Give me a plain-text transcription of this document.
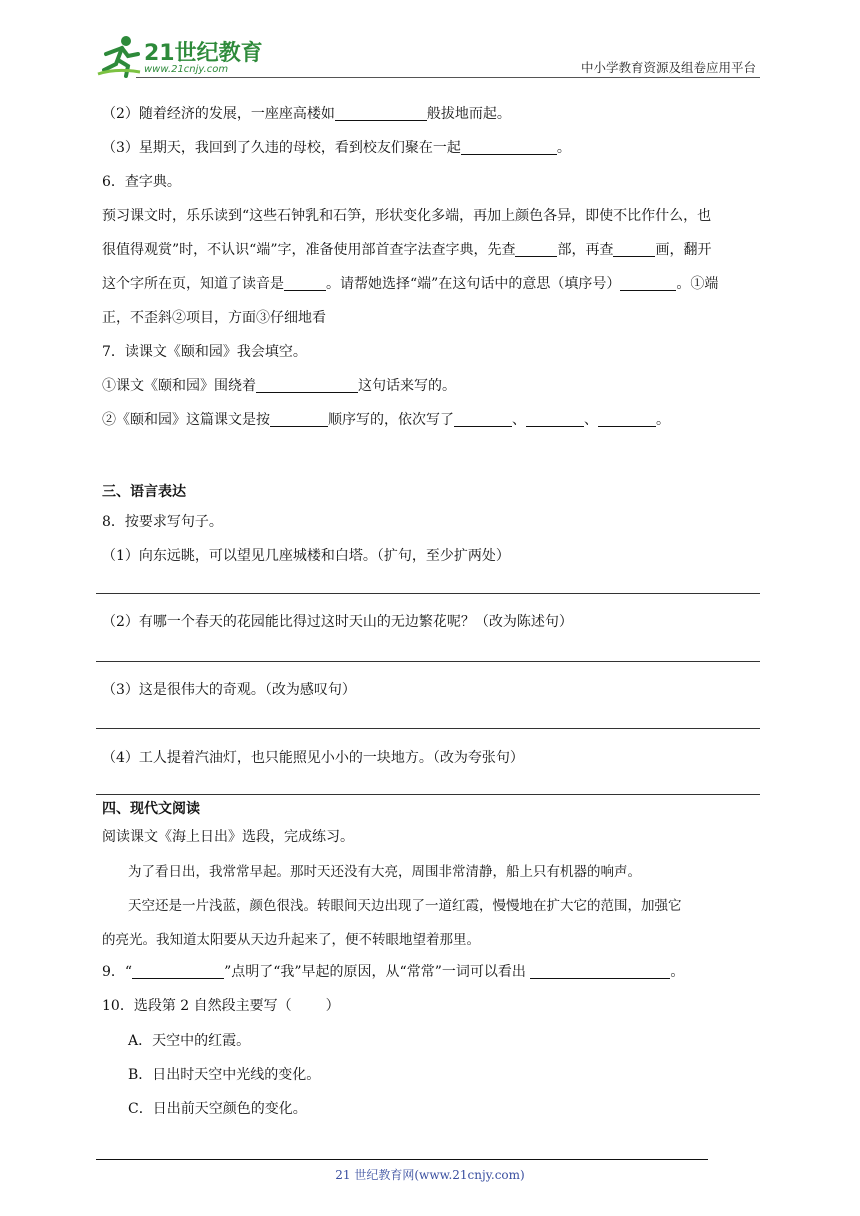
21世纪教育
www.21cnjy.com	中小学教育资源及组卷应用平台
（2）随着经济的发展，一座座高楼如	般拔地而起。
（3）星期天，我回到了久违的母校，看到校友们聚在一起	。
6．查字典。
预习课文时，乐乐读到“这些石钟乳和石笋，形状变化多端，再加上颜色各异，即使不比作什么，也
很值得观赏”时，不认识“端”字，准备使用部首查字法查字典，先查	部，再查	画，翻开
这个字所在页，知道了读音是	。请帮她选择“端”在这句话中的意思（填序号）	。①端
正，不歪斜②项目，方面③仔细地看
7．读课文《颐和园》我会填空。
①课文《颐和园》围绕着	这句话来写的。
②《颐和园》这篇课文是按	顺序写的，依次写了	、	、	。
三、语言表达
8．按要求写句子。
（1）向东远眺，可以望见几座城楼和白塔。（扩句，至少扩两处）
（2）有哪一个春天的花园能比得过这时天山的无边繁花呢？（改为陈述句）
（3）这是很伟大的奇观。（改为感叹句）
（4）工人提着汽油灯，也只能照见小小的一块地方。（改为夸张句）
四、现代文阅读
阅读课文《海上日出》选段，完成练习。
为了看日出，我常常早起。那时天还没有大亮，周围非常清静，船上只有机器的响声。
天空还是一片浅蓝，颜色很浅。转眼间天边出现了一道红霞，慢慢地在扩大它的范围，加强它
的亮光。我知道太阳要从天边升起来了，便不转眼地望着那里。
9．“	”点明了“我”早起的原因，从“常常”一词可以看出	。
10．选段第 2 自然段主要写（ ）
A．天空中的红霞。
B．日出时天空中光线的变化。
C．日出前天空颜色的变化。
21 世纪教育网(www.21cnjy.com)
